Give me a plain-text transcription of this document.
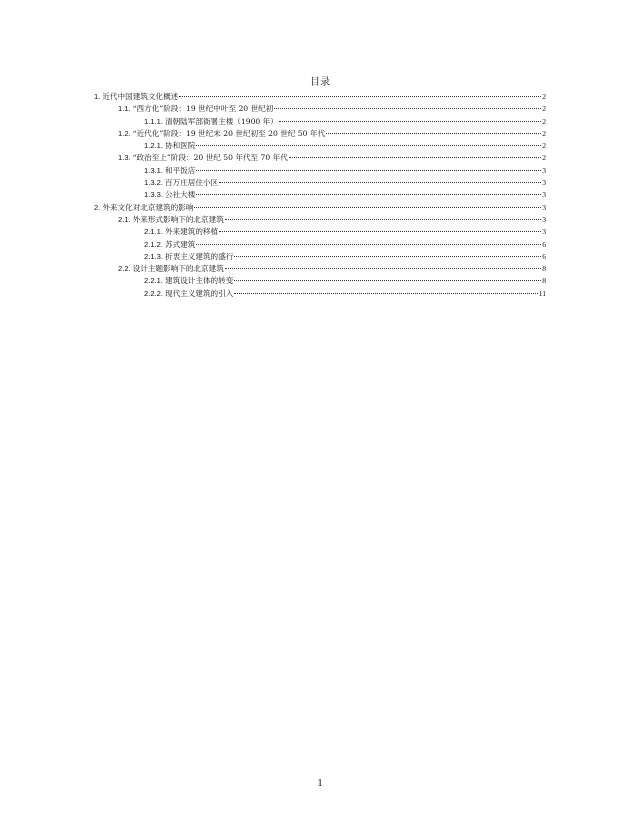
目录
1. 近代中国建筑文化概述	2
1.1. “西方化”阶段：19 世纪中叶至 20 世纪初	2
1.1.1. 清朝陆军部衙署主楼（1900 年）	2
1.2. “近代化”阶段：19 世纪末 20 世纪初至 20 世纪 50 年代	2
1.2.1. 协和医院	2
1.3. “政治至上”阶段：20 世纪 50 年代至 70 年代	2
1.3.1. 和平饭店	3
1.3.2. 百万庄居住小区	3
1.3.3. 公社大楼	3
2. 外来文化对北京建筑的影响	3
2.1. 外来形式影响下的北京建筑	3
2.1.1. 外来建筑的移植	3
2.1.2. 苏式建筑	6
2.1.3. 折衷主义建筑的盛行	6
2.2. 设计主题影响下的北京建筑	8
2.2.1. 建筑设计主体的转变	8
2.2.2. 现代主义建筑的引入	11
1
